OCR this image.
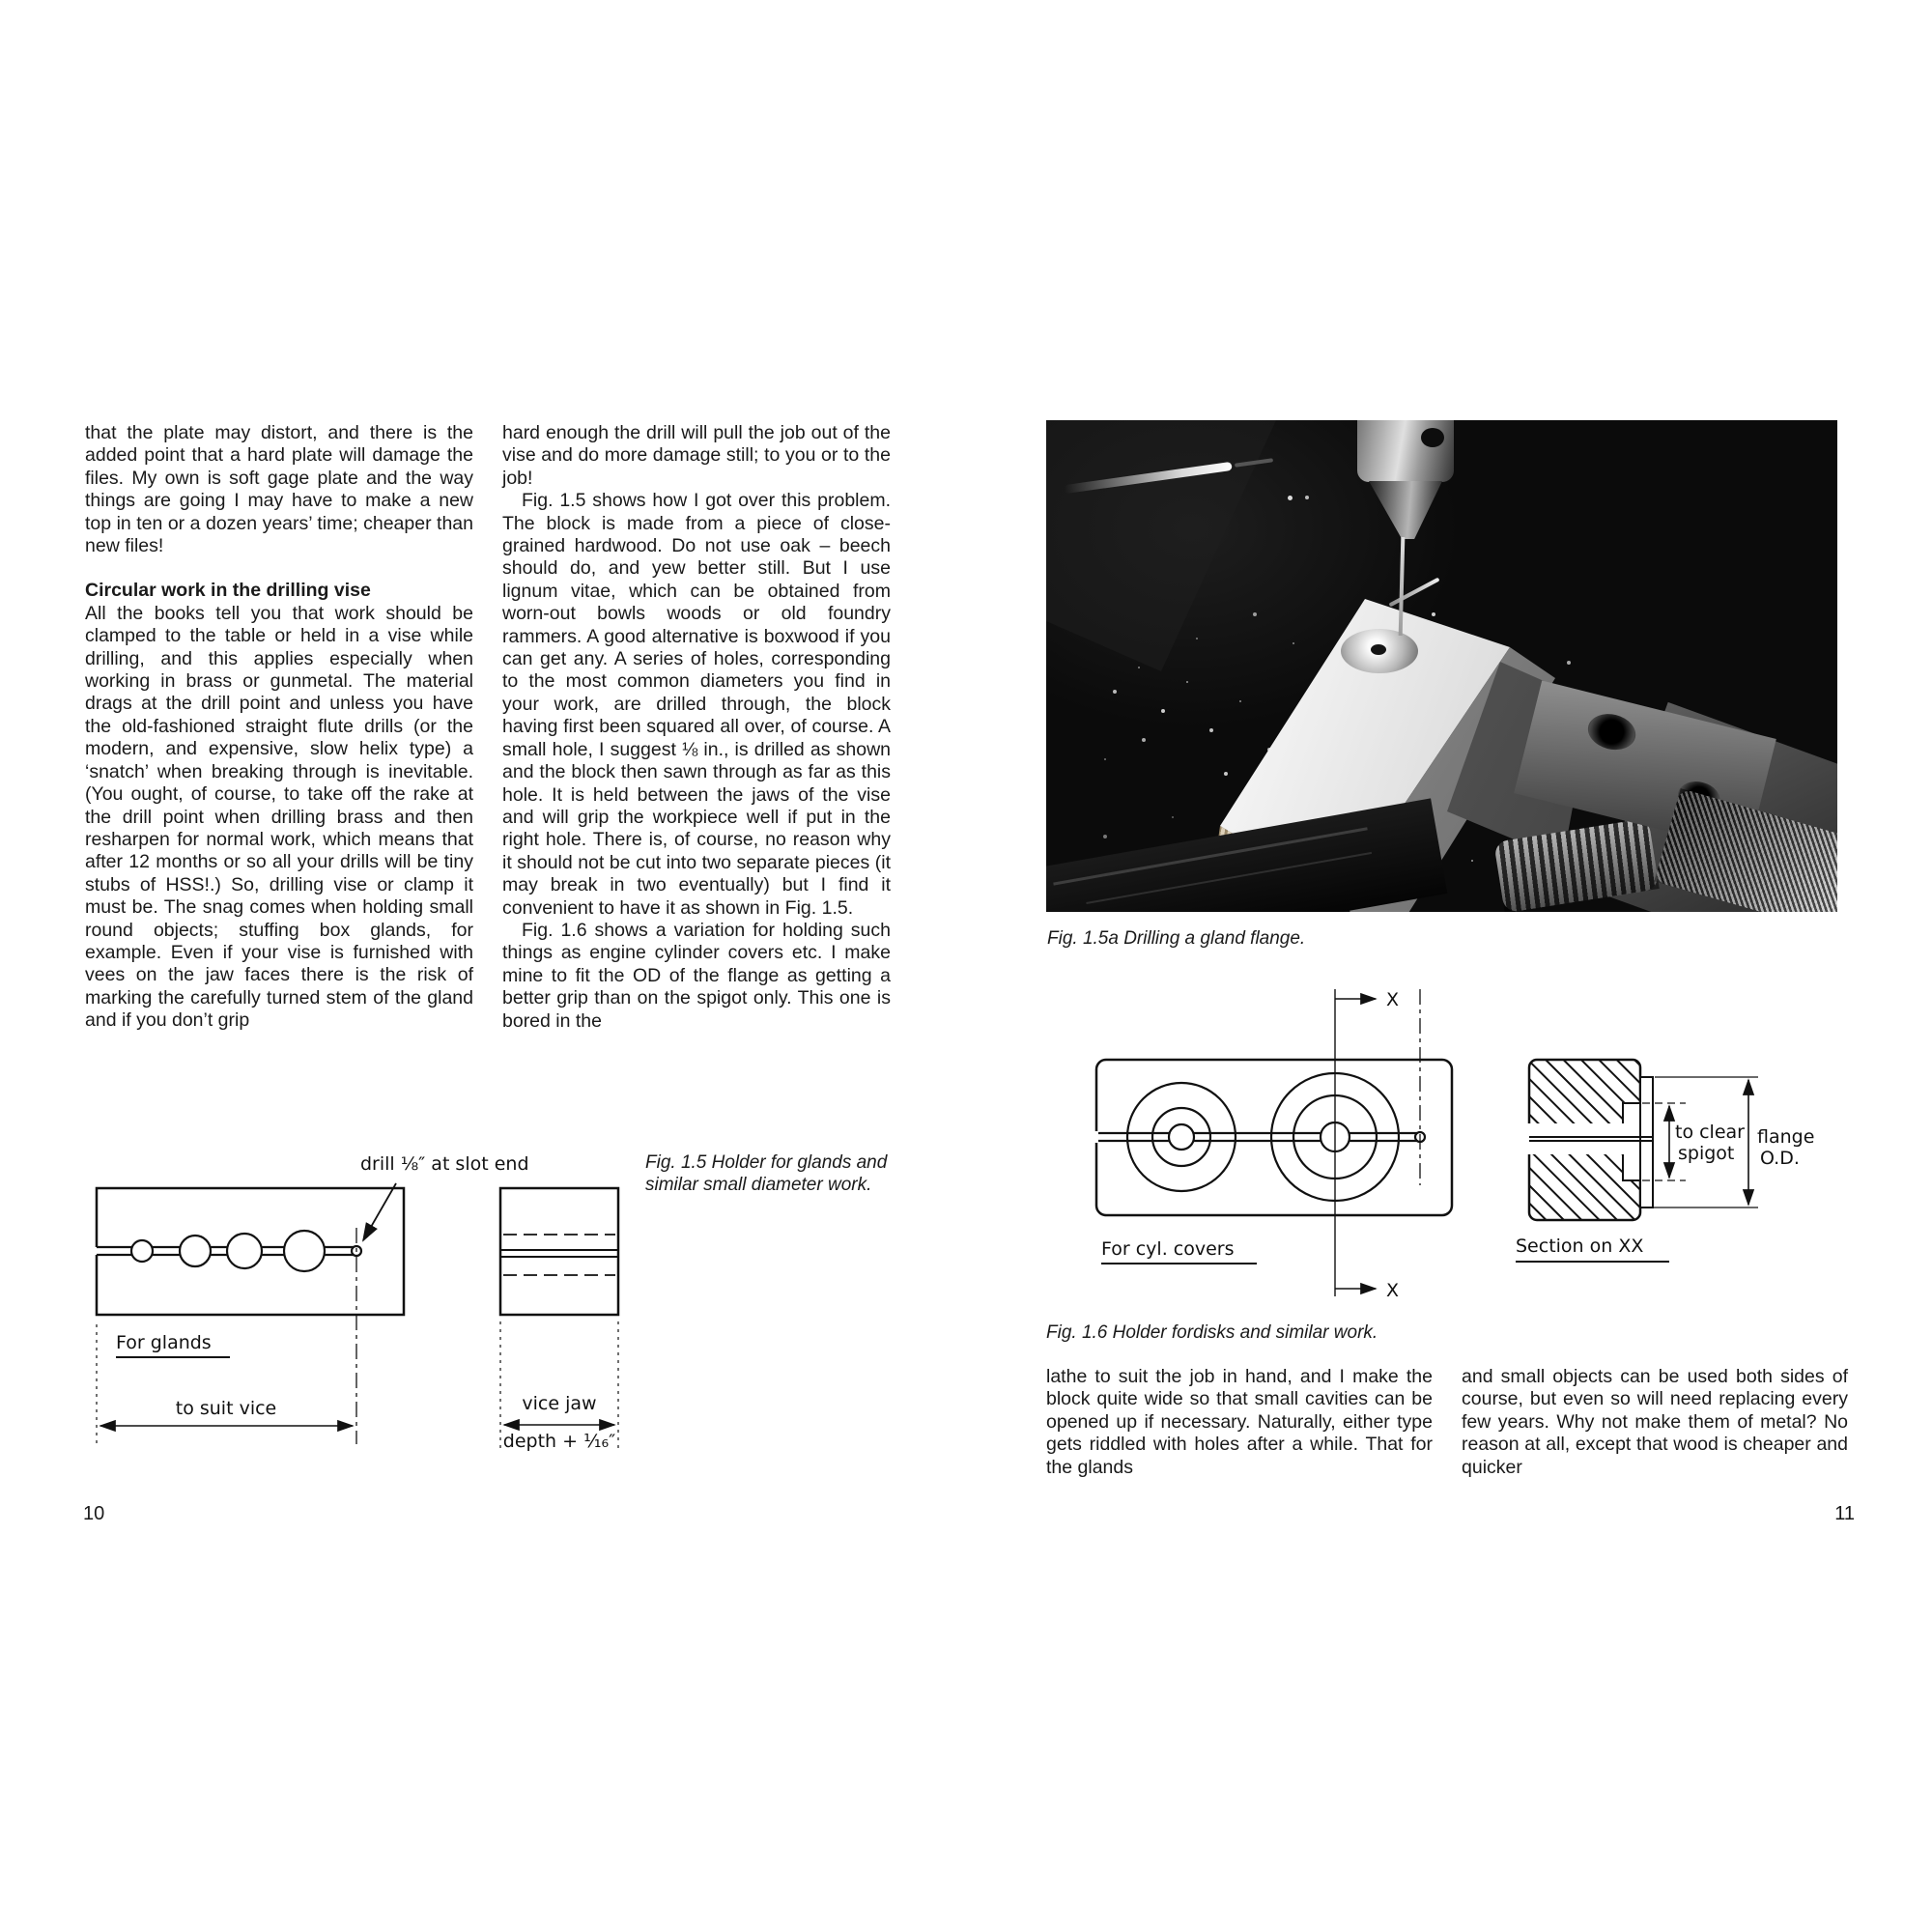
that the plate may distort, and there is the added point that a hard plate will damage the files. My own is soft gage plate and the way things are going I may have to make a new top in ten or a dozen years’ time; cheaper than new files!

Circular work in the drilling vise

All the books tell you that work should be clamped to the table or held in a vise while drilling, and this applies especially when working in brass or gunmetal. The material drags at the drill point and unless you have the old-fashioned straight flute drills (or the modern, and expensive, slow helix type) a ‘snatch’ when breaking through is inevitable. (You ought, of course, to take off the rake at the drill point when drilling brass and then resharpen for normal work, which means that after 12 months or so all your drills will be tiny stubs of HSS!.) So, drilling vise or clamp it must be. The snag comes when holding small round objects; stuffing box glands, for example. Even if your vise is furnished with vees on the jaw faces there is the risk of marking the carefully turned stem of the gland and if you don’t grip

hard enough the drill will pull the job out of the vise and do more damage still; to you or to the job!

Fig. 1.5 shows how I got over this problem. The block is made from a piece of close-grained hardwood. Do not use oak – beech should do, and yew better still. But I use lignum vitae, which can be obtained from worn-out bowls woods or old foundry rammers. A good alternative is boxwood if you can get any. A series of holes, corresponding to the most common diameters you find in your work, are drilled through, the block having first been squared all over, of course. A small hole, I suggest ⅛ in., is drilled as shown and the block then sawn through as far as this hole. It is held between the jaws of the vise and will grip the workpiece well if put in the right hole. There is, of course, no reason why it should not be cut into two separate pieces (it may break in two eventually) but I find it convenient to have it as shown in Fig. 1.5.

Fig. 1.6 shows a variation for holding such things as engine cylinder covers etc. I make mine to fit the OD of the flange as getting a better grip than on the spigot only. This one is bored in the

drill ⅛″ at slot end
For glands
to suit vice	vice jaw
depth + ¹⁄₁₆″
Fig. 1.5 Holder for glands and similar small diameter work.
10
Fig. 1.5a Drilling a gland flange.
X
X
For cyl. covers
to clear
spigot
flange
O.D.
Section on XX
Fig. 1.6 Holder fordisks and similar work.

lathe to suit the job in hand, and I make the block quite wide so that small cavities can be opened up if necessary. Naturally, either type gets riddled with holes after a while. That for the glands

and small objects can be used both sides of course, but even so will need replacing every few years. Why not make them of metal? No reason at all, except that wood is cheaper and quicker

11
